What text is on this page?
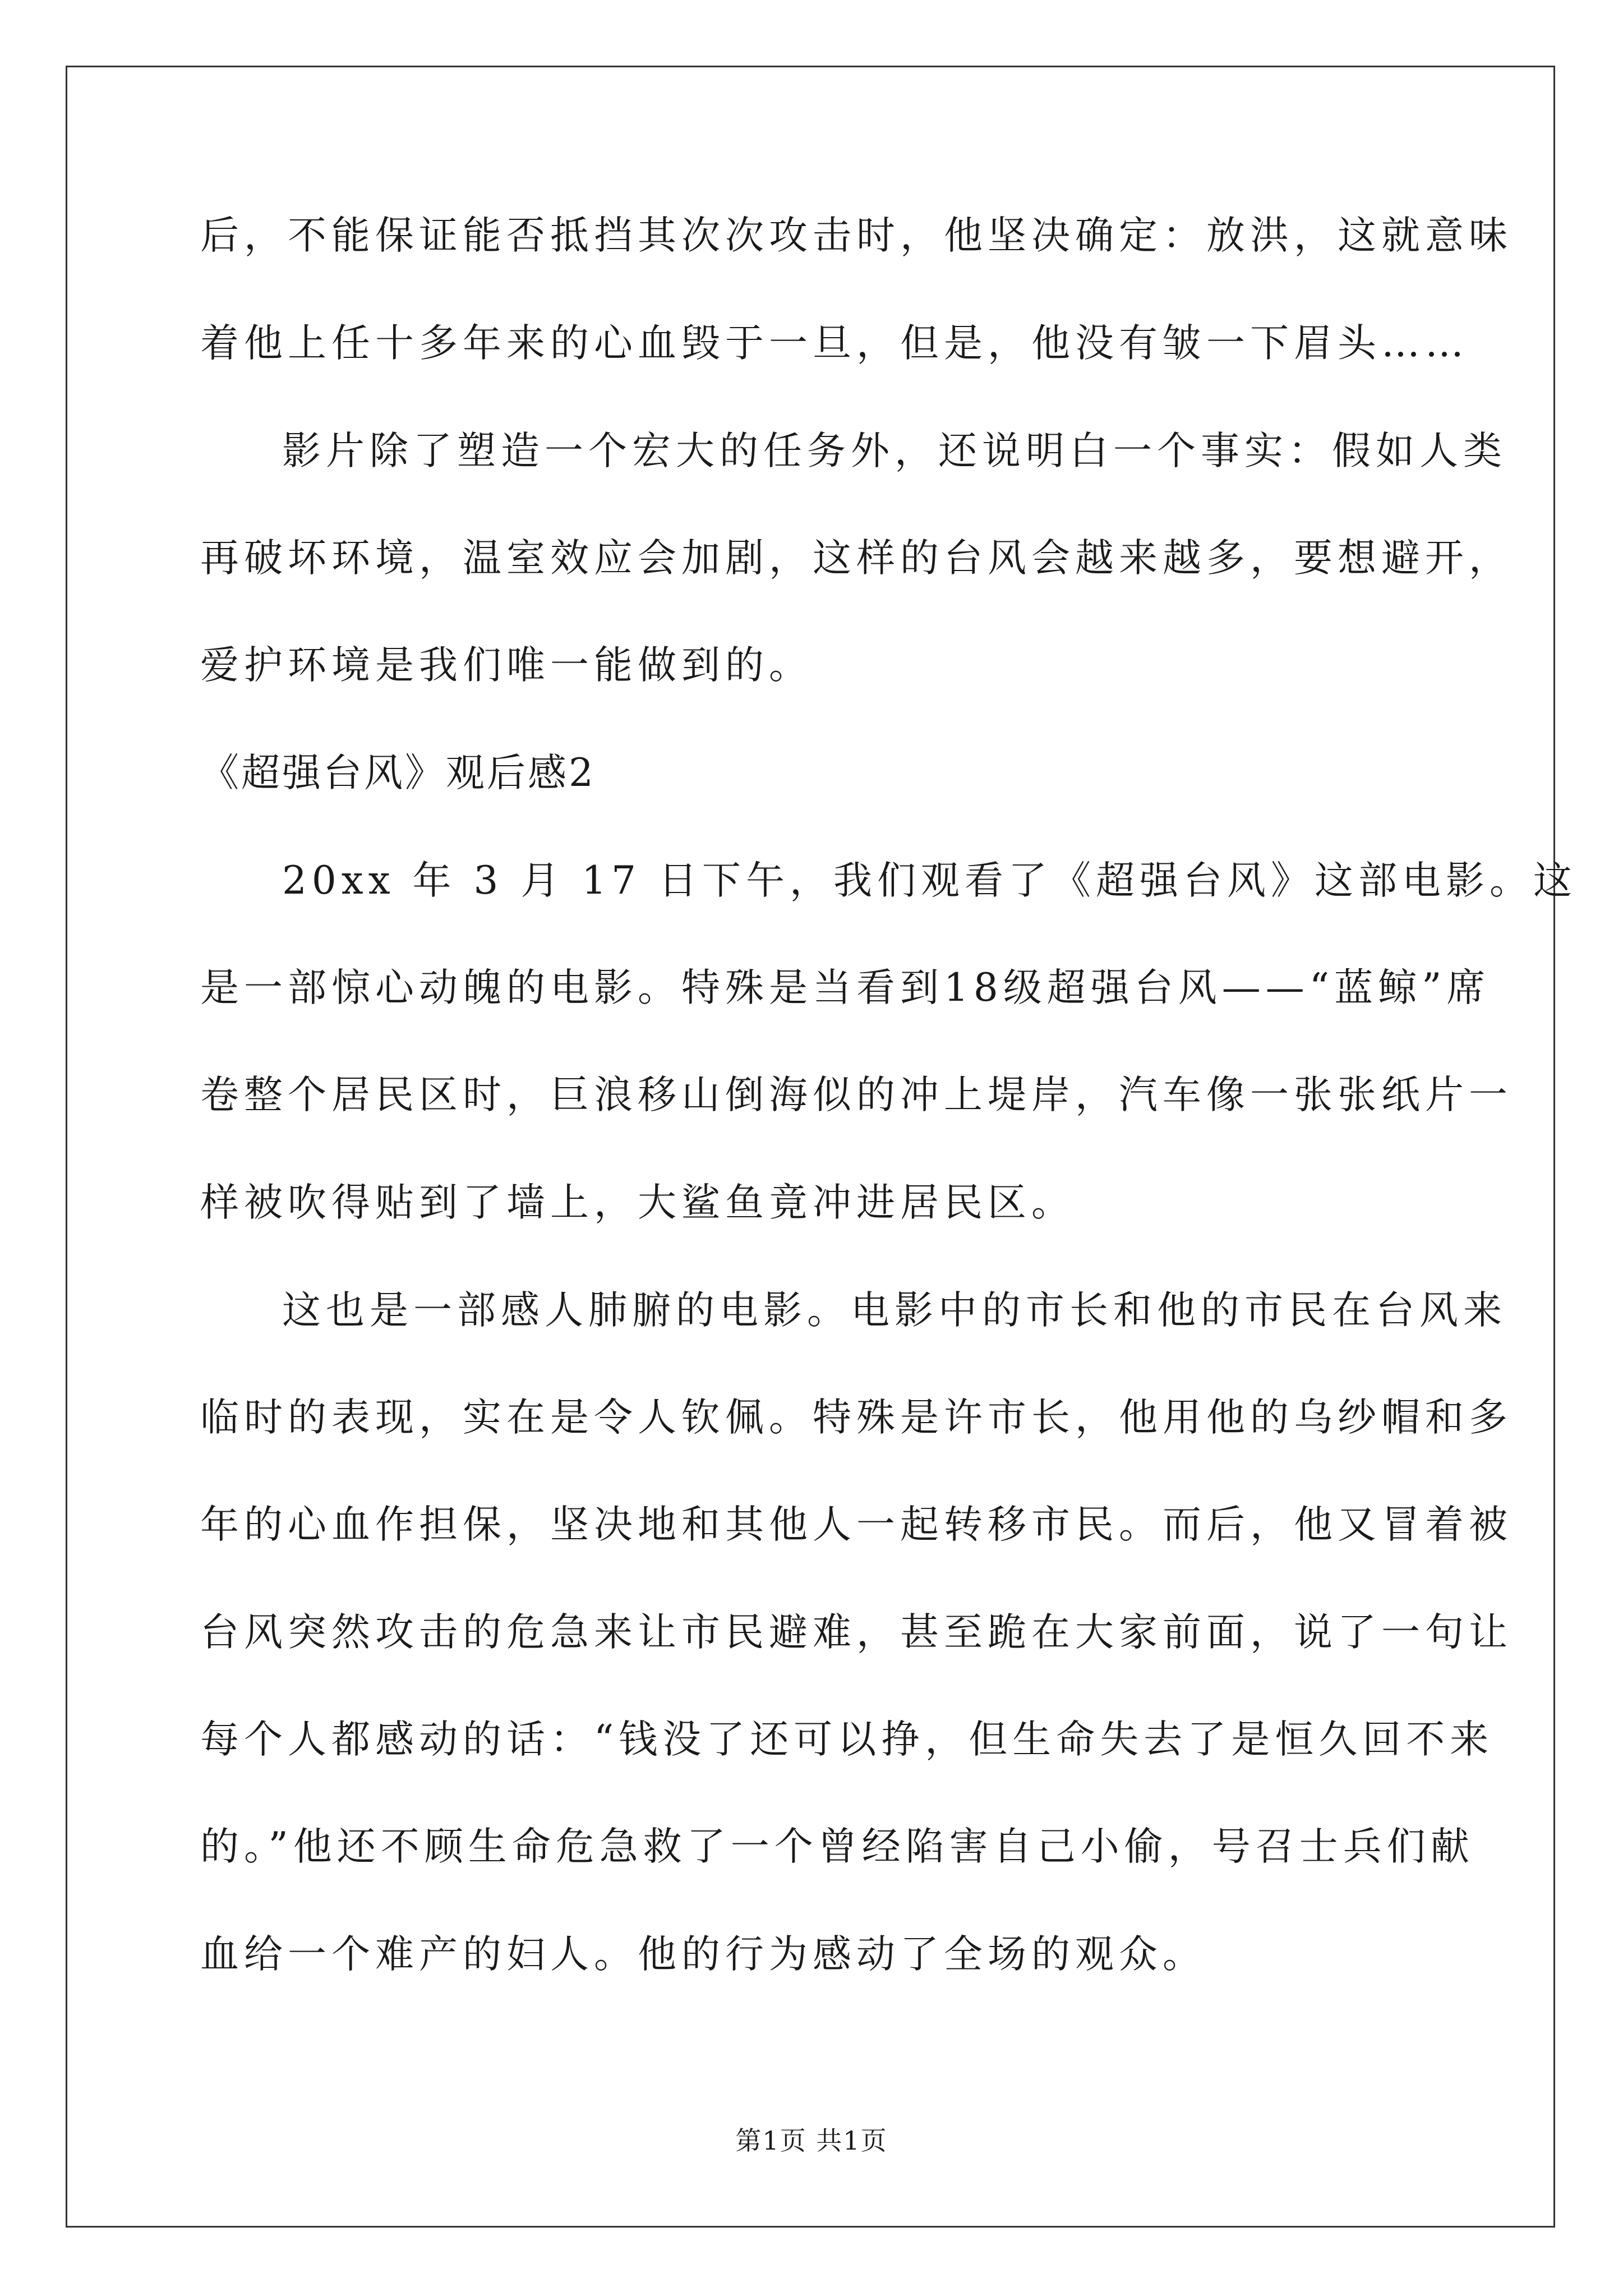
后，不能保证能否抵挡其次次攻击时，他坚决确定：放洪，这就意味
着他上任十多年来的心血毁于一旦，但是，他没有皱一下眉头……
影片除了塑造一个宏大的任务外，还说明白一个事实：假如人类
再破坏环境，温室效应会加剧，这样的台风会越来越多，要想避开，
爱护环境是我们唯一能做到的。
《超强台风》观后感2
20xx 年 3 月 17 日下午，我们观看了《超强台风》这部电影。这
是一部惊心动魄的电影。特殊是当看到18级超强台风——“蓝鲸”席
卷整个居民区时，巨浪移山倒海似的冲上堤岸，汽车像一张张纸片一
样被吹得贴到了墙上，大鲨鱼竟冲进居民区。
这也是一部感人肺腑的电影。电影中的市长和他的市民在台风来
临时的表现，实在是令人钦佩。特殊是许市长，他用他的乌纱帽和多
年的心血作担保，坚决地和其他人一起转移市民。而后，他又冒着被
台风突然攻击的危急来让市民避难，甚至跪在大家前面，说了一句让
每个人都感动的话：“钱没了还可以挣，但生命失去了是恒久回不来
的。”他还不顾生命危急救了一个曾经陷害自己小偷，号召士兵们献
血给一个难产的妇人。他的行为感动了全场的观众。
第1页 共1页
